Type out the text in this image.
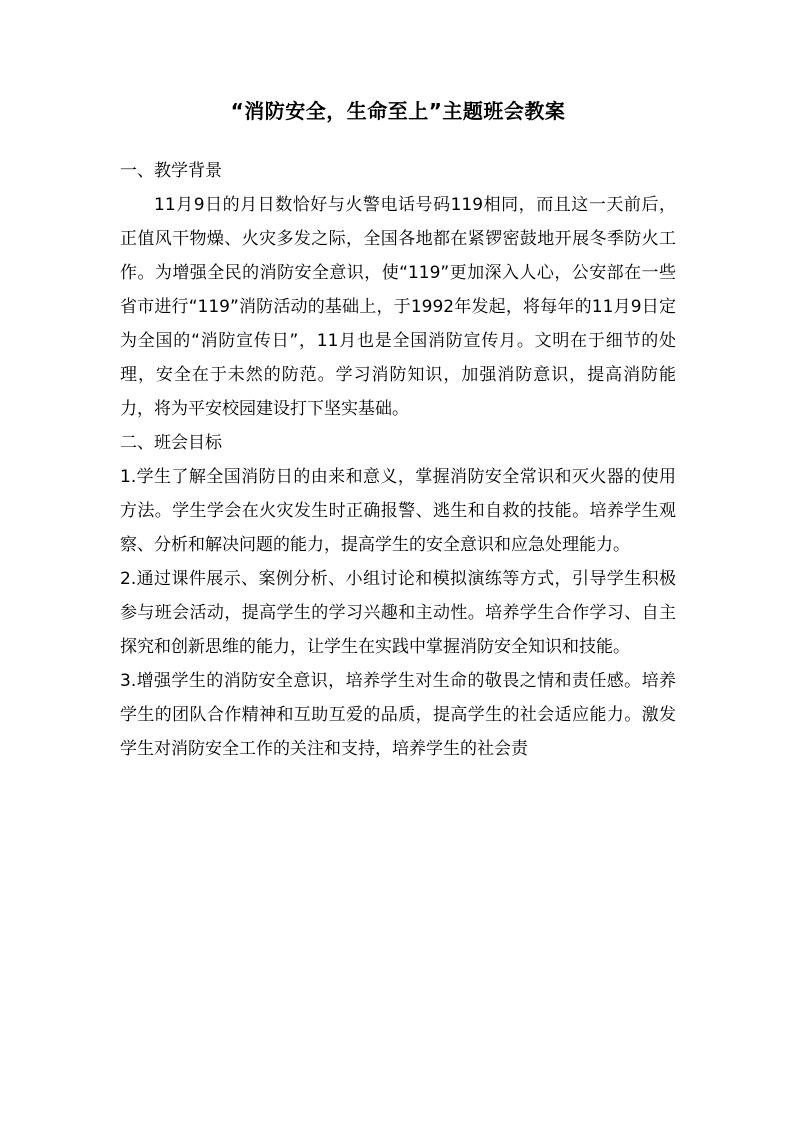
“消防安全，生命至上”主题班会教案
一、教学背景

11月9日的月日数恰好与火警电话号码119相同，而且这一天前后，正值风干物燥、火灾多发之际，全国各地都在紧锣密鼓地开展冬季防火工作。为增强全民的消防安全意识，使“119”更加深入人心，公安部在一些省市进行“119”消防活动的基础上，于1992年发起，将每年的11月9日定为全国的“消防宣传日”，11月也是全国消防宣传月。文明在于细节的处理，安全在于未然的防范。学习消防知识，加强消防意识，提高消防能力，将为平安校园建设打下坚实基础。

二、班会目标

1.学生了解全国消防日的由来和意义，掌握消防安全常识和灭火器的使用方法。学生学会在火灾发生时正确报警、逃生和自救的技能。培养学生观察、分析和解决问题的能力，提高学生的安全意识和应急处理能力。

2.通过课件展示、案例分析、小组讨论和模拟演练等方式，引导学生积极参与班会活动，提高学生的学习兴趣和主动性。培养学生合作学习、自主探究和创新思维的能力，让学生在实践中掌握消防安全知识和技能。

3.增强学生的消防安全意识，培养学生对生命的敬畏之情和责任感。培养学生的团队合作精神和互助互爱的品质，提高学生的社会适应能力。激发学生对消防安全工作的关注和支持，培养学生的社会责
